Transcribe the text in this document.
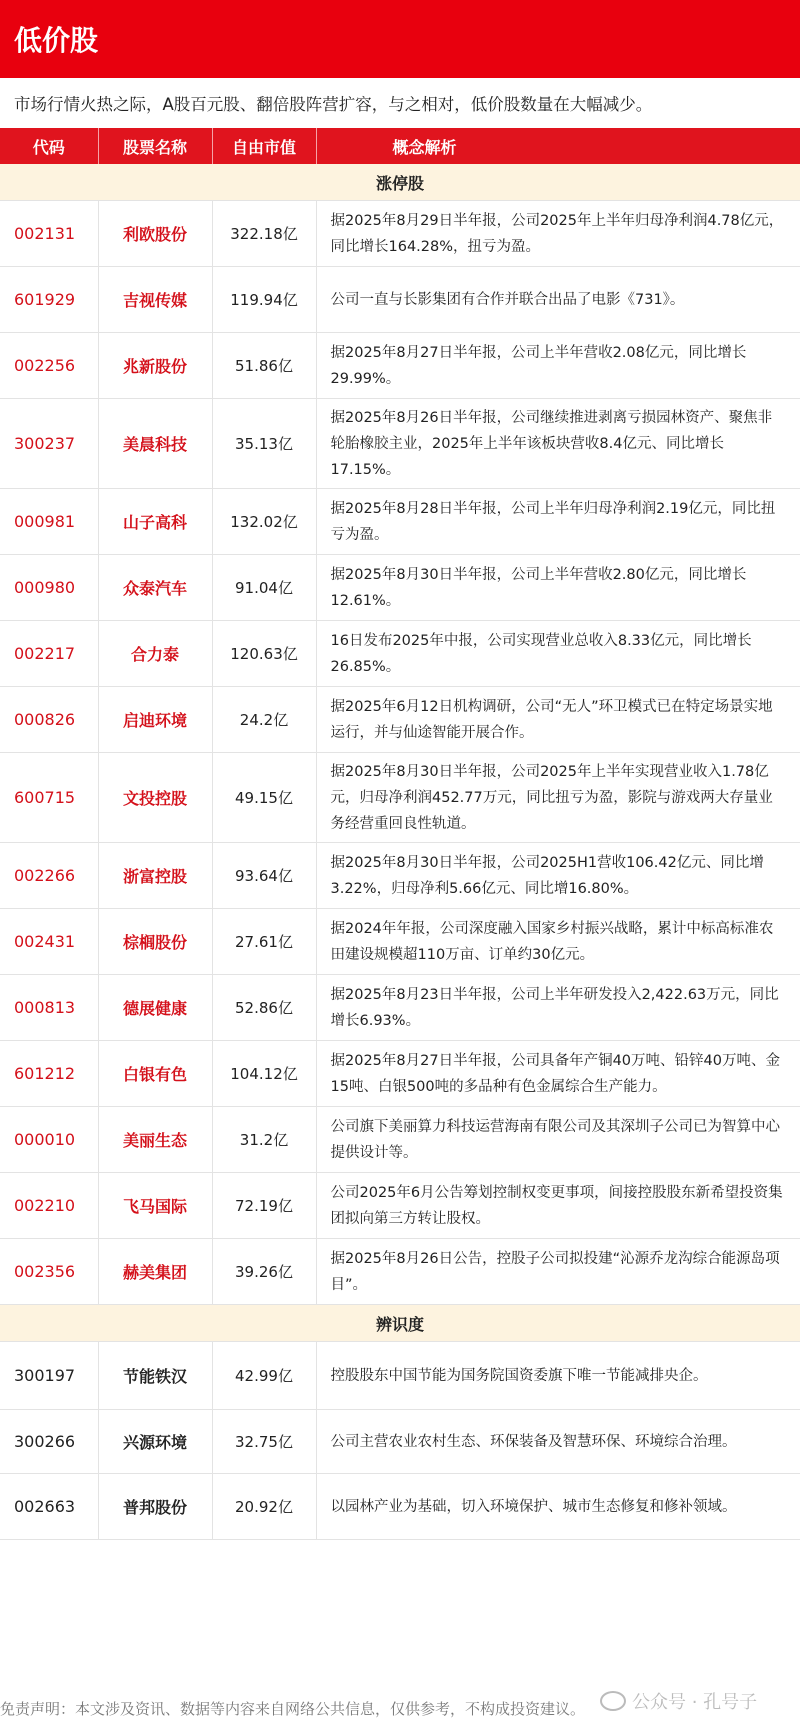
低价股
市场行情火热之际，A股百元股、翻倍股阵营扩容，与之相对，低价股数量在大幅减少。
代码	股票名称	自由市值	概念解析
涨停股			
002131	利欧股份	322.18亿	据2025年8月29日半年报，公司2025年上半年归母净利润4.78亿元，同比增长164.28%，扭亏为盈。
601929	吉视传媒	119.94亿	公司一直与长影集团有合作并联合出品了电影《731》。
002256	兆新股份	51.86亿	据2025年8月27日半年报，公司上半年营收2.08亿元，同比增长29.99%。
300237	美晨科技	35.13亿	据2025年8月26日半年报，公司继续推进剥离亏损园林资产、聚焦非轮胎橡胶主业，2025年上半年该板块营收8.4亿元、同比增长17.15%。
000981	山子高科	132.02亿	据2025年8月28日半年报，公司上半年归母净利润2.19亿元，同比扭亏为盈。
000980	众泰汽车	91.04亿	据2025年8月30日半年报，公司上半年营收2.80亿元，同比增长12.61%。
002217	合力泰	120.63亿	16日发布2025年中报，公司实现营业总收入8.33亿元，同比增长26.85%。
000826	启迪环境	24.2亿	据2025年6月12日机构调研，公司“无人”环卫模式已在特定场景实地运行，并与仙途智能开展合作。
600715	文投控股	49.15亿	据2025年8月30日半年报，公司2025年上半年实现营业收入1.78亿元，归母净利润452.77万元，同比扭亏为盈，影院与游戏两大存量业务经营重回良性轨道。
002266	浙富控股	93.64亿	据2025年8月30日半年报，公司2025H1营收106.42亿元、同比增3.22%，归母净利5.66亿元、同比增16.80%。
002431	棕榈股份	27.61亿	据2024年年报，公司深度融入国家乡村振兴战略，累计中标高标准农田建设规模超110万亩、订单约30亿元。
000813	德展健康	52.86亿	据2025年8月23日半年报，公司上半年研发投入2,422.63万元，同比增长6.93%。
601212	白银有色	104.12亿	据2025年8月27日半年报，公司具备年产铜40万吨、铅锌40万吨、金15吨、白银500吨的多品种有色金属综合生产能力。
000010	美丽生态	31.2亿	公司旗下美丽算力科技运营海南有限公司及其深圳子公司已为智算中心提供设计等。
002210	飞马国际	72.19亿	公司2025年6月公告筹划控制权变更事项，间接控股股东新希望投资集团拟向第三方转让股权。
002356	赫美集团	39.26亿	据2025年8月26日公告，控股子公司拟投建“沁源乔龙沟综合能源岛项目”。
辨识度			
300197	节能铁汉	42.99亿	控股股东中国节能为国务院国资委旗下唯一节能减排央企。
300266	兴源环境	32.75亿	公司主营农业农村生态、环保装备及智慧环保、环境综合治理。
002663	普邦股份	20.92亿	以园林产业为基础，切入环境保护、城市生态修复和修补领域。
免责声明：本文涉及资讯、数据等内容来自网络公共信息，仅供参考，不构成投资建议。	公众号 · 孔号子
